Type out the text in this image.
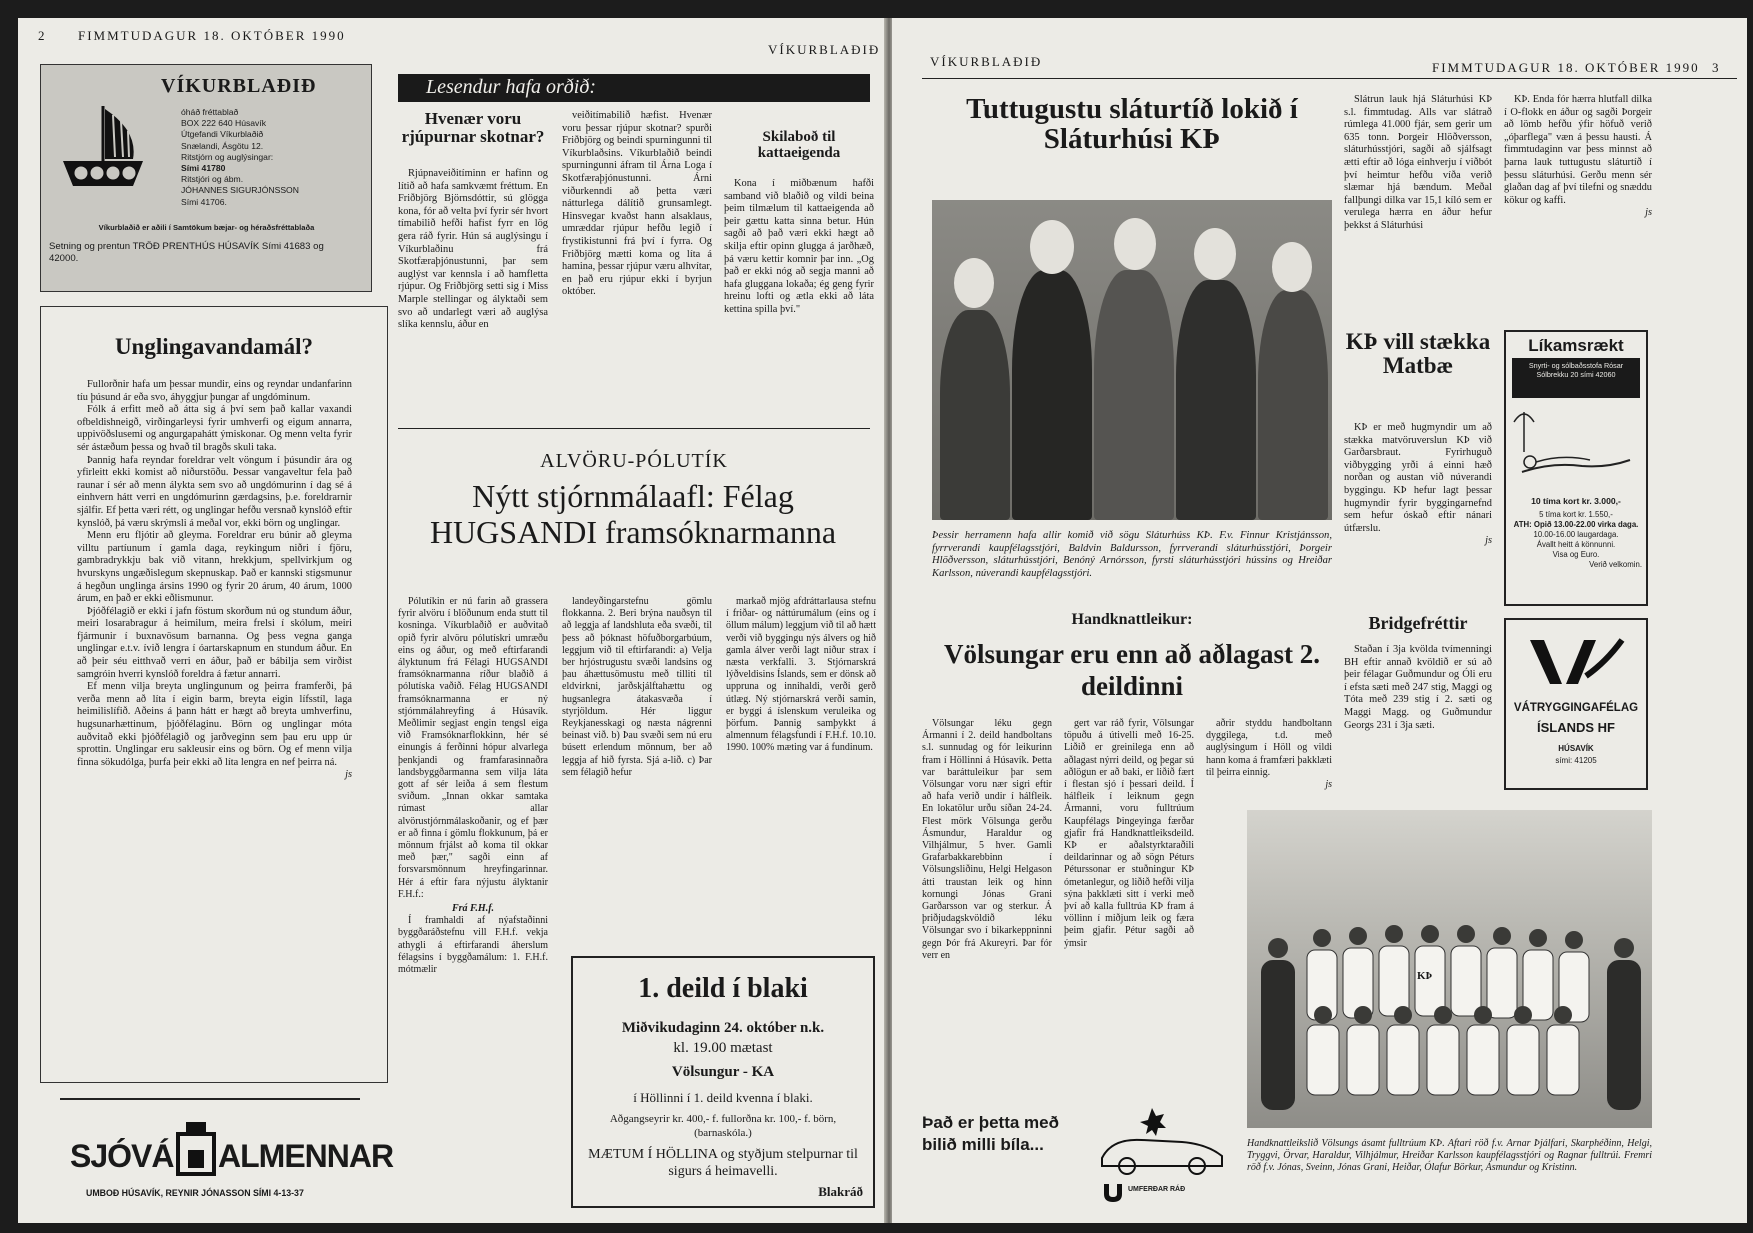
2 FIMMTUDAGUR 18. OKTÓBER 1990
VÍKURBLAÐIÐ
VÍKURBLAÐIÐ
óháð fréttablað
BOX 222 640 Húsavík
Útgefandi Víkurblaðið
Snælandi, Ásgötu 12.
Ritstjórn og auglýsingar:
Sími 41780
Ritstjóri og ábm.
JÓHANNES SIGURJÓNSSON
Sími 41706.
Víkurblaðið er aðili í Samtökum bæjar- og héraðsfréttablaða
Setning og prentun TRÖÐ PRENTHÚS HÚSAVÍK Sími 41683 og 42000.
Unglingavandamál?

Fullorðnir hafa um þessar mundir, eins og reyndar undanfarinn tíu þúsund ár eða svo, áhyggjur þungar af ungdóminum.

Fólk á erfitt með að átta sig á því sem það kallar vaxandi ofbeldishneigð, virðingarleysi fyrir umhverfi og eigum annarra, uppivöðslusemi og angurgapahátt ýmiskonar. Og menn velta fyrir sér ástæðum þessa og hvað til bragðs skuli taka.

Þannig hafa reyndar foreldrar velt vöngum í þúsundir ára og yfirleitt ekki komist að niðurstöðu. Þessar vangaveltur fela það raunar í sér að menn álykta sem svo að ungdómurinn í dag sé á einhvern hátt verri en ungdómurinn gærdagsins, þ.e. foreldrarnir sjálfir. Ef þetta væri rétt, og unglingar hefðu versnað kynslóð eftir kynslóð, þá væru skrýmsli á meðal vor, ekki börn og unglingar.

Menn eru fljótir að gleyma. Foreldrar eru búnir að gleyma villtu partíunum í gamla daga, reykingum niðri í fjöru, gambradrykkju bak við vitann, hrekkjum, spellvirkjum og hvurskyns ungæðislegum skepnuskap. Það er kannski stigsmunur á hegðun unglinga ársins 1990 og fyrir 20 árum, 40 árum, 1000 árum, en það er ekki eðlismunur.

Þjóðfélagið er ekki í jafn föstum skorðum nú og stundum áður, meiri losarabragur á heimilum, meira frelsi í skólum, meiri fjármunir í buxnavösum barnanna. Og þess vegna ganga unglingar e.t.v. ívið lengra í óartarskapnum en stundum áður. En að þeir séu eitthvað verri en áður, það er bábilja sem virðist samgróin hverri kynslóð foreldra á fætur annarri.

Ef menn vilja breyta unglingunum og þeirra framferði, þá verða menn að líta í eigin barm, breyta eigin lífsstíl, laga heimilislífið. Aðeins á þann hátt er hægt að breyta umhverfinu, hugsunarhættinum, þjóðfélaginu. Börn og unglingar móta auðvitað ekki þjóðfélagið og jarðveginn sem þau eru upp úr sprottin. Unglingar eru sakleusir eins og börn. Og ef menn vilja finna sökudólga, þurfa þeir ekki að líta lengra en nef þeirra ná.

js
SJÓVÁ ALMENNAR
UMBOÐ HÚSAVÍK, REYNIR JÓNASSON SÍMI 4-13-37
Lesendur hafa orðið:
Hvenær voru rjúpurnar skotnar?

Rjúpnaveiðitíminn er hafinn og lítið að hafa samkvæmt fréttum. En Friðbjörg Björnsdóttir, sú glögga kona, fór að velta því fyrir sér hvort tímabilið hefði hafist fyrr en lög gera ráð fyrir. Hún sá auglýsingu í Víkurblaðinu frá Skotfæraþjónustunni, þar sem auglýst var kennsla í að hamfletta rjúpur. Og Friðbjörg setti sig í Miss Marple stellingar og ályktaði sem svo að undarlegt væri að auglýsa slíka kennslu, áður en

veiðitímabilið hæfist. Hvenær voru þessar rjúpur skotnar? spurði Friðbjörg og beindi spurningunni til Víkurblaðsins. Víkurblaðið beindi spurningunni áfram til Árna Loga í Skotfæraþjónustunni. Árni viðurkenndi að þetta væri nátturlega dálítið grunsamlegt. Hinsvegar kvaðst hann alsaklaus, umræddar rjúpur hefðu legið í frystikistunni frá því í fyrra. Og Friðbjörg mætti koma og líta á hamina, þessar rjúpur væru alhvítar, en það eru rjúpur ekki í byrjun október.

Skilaboð til kattaeigenda

Kona í miðbænum hafði samband við blaðið og vildi beina þeim tilmælum til kattaeigenda að þeir gættu katta sinna betur. Hún sagði að það væri ekki hægt að skilja eftir opinn glugga á jarðhæð, þá væru kettir komnir þar inn. „Og það er ekki nóg að segja manni að hafa gluggana lokaða; ég geng fyrir hreinu lofti og ætla ekki að láta kettina spilla því."

ALVÖRU-PÓLUTÍK
Nýtt stjórnmálaafl: Félag HUGSANDI framsóknarmanna

Pólutíkin er nú farin að grassera fyrir alvöru í blöðunum enda stutt til kosninga. Víkurblaðið er auðvitað opið fyrir alvöru pólutískri umræðu eins og áður, og með eftirfarandi ályktunum frá Félagi HUGSANDI framsóknarmanna ríður blaðið á pólutíska vaðið. Félag HUGSANDI framsóknarmanna er ný stjórnmálahreyfing á Húsavík. Meðlimir segjast engin tengsl eiga við Framsóknarflokkinn, hér sé einungis á ferðinni hópur alvarlega þenkjandi og framfarasinnaðra landsbyggðarmanna sem vilja láta gott af sér leiða á sem flestum sviðum. „Innan okkar samtaka rúmast allar alvörustjórnmálaskoðanir, og ef þær er að finna í gömlu flokkunum, þá er mönnum frjálst að koma til okkar með þær," sagði einn af forsvarsmönnum hreyfingarinnar. Hér á eftir fara nýjustu ályktanir F.H.f.:

Frá F.H.f.

Í framhaldi af nýafstaðinni byggðaráðstefnu vill F.H.f. vekja athygli á eftirfarandi áherslum félagsins í byggðamálum: 1. F.H.f. mótmælir

landeyðingarstefnu gömlu flokkanna. 2. Beri brýna nauðsyn til að leggja af landshluta eða svæði, til þess að þóknast höfuðborgarbúum, leggjum við til eftirfarandi: a) Velja ber hrjóstrugustu svæði landsins og þau áhættusömustu með tilliti til eldvirkni, jarðskjálftahættu og hugsanlegra átakasvæða í styrjöldum. Hér liggur Reykjanesskagi og næsta nágrenni beinast við. b) Þau svæði sem nú eru búsett erlendum mönnum, ber að leggja af hið fyrsta. Sjá a-lið. c) Þar sem félagið hefur

markað mjög afdráttarlausa stefnu í friðar- og náttúrumálum (eins og í öllum málum) leggjum við til að hætt verði við byggingu nýs álvers og hið gamla álver verði lagt niður strax í næsta verkfalli. 3. Stjórnarskrá lýðveldisins Íslands, sem er dönsk að uppruna og innihaldi, verði gerð útlæg. Ný stjórnarskrá verði samin, er byggi á íslenskum veruleika og þörfum. Þannig samþykkt á almennum félagsfundi í F.H.f. 10.10. 1990. 100% mæting var á fundinum.

1. deild í blaki
Miðvikudaginn 24. október n.k.
kl. 19.00 mætast
Völsungur - KA
í Höllinni í 1. deild kvenna í blaki.
Aðgangseyrir kr. 400,- f. fullorðna kr. 100,- f. börn, (barnaskóla.)
MÆTUM Í HÖLLINA og styðjum stelpurnar til sigurs á heimavelli.
Blakráð
VÍKURBLAÐIÐ	FIMMTUDAGUR 18. OKTÓBER 1990 3
Tuttugustu sláturtíð lokið í Sláturhúsi KÞ
Þessir herramenn hafa allir komið við sögu Sláturhúss KÞ. F.v. Finnur Kristjánsson, fyrrverandi kaupfélagsstjóri, Baldvin Baldursson, fyrrverandi sláturhússtjóri, Þorgeir Hlöðversson, sláturhússtjóri, Benóný Arnórsson, fyrsti sláturhússtjóri hússins og Hreiðar Karlsson, núverandi kaupfélagsstjóri.

Slátrun lauk hjá Sláturhúsi KÞ s.l. fimmtudag. Alls var slátrað rúmlega 41.000 fjár, sem gerir um 635 tonn. Þorgeir Hlöðversson, sláturhússtjóri, sagði að sjálfsagt ætti eftir að lóga einhverju í viðbót því heimtur hefðu víða verið slæmar hjá bændum. Meðal fallþungi dilka var 15,1 kíló sem er verulega hærra en áður hefur þekkst á Sláturhúsi

KÞ. Enda fór hærra hlutfall dilka í O-flokk en áður og sagði Þorgeir að lömb hefðu ýfir höfuð verið „óþarflega" væn á þessu hausti. Á fimmtudaginn var þess minnst að þarna lauk tuttugustu sláturtíð í þessu sláturhúsi. Gerðu menn sér glaðan dag af því tilefni og snæddu kökur og kaffi.

js
KÞ vill stækka Matbæ

KÞ er með hugmyndir um að stækka matvöruverslun KÞ við Garðarsbraut. Fyrirhuguð viðbygging yrði á einni hæð norðan og austan við núverandi byggingu. KÞ hefur lagt þessar hugmyndir fyrir byggingarnefnd sem hefur óskað eftir nánari útfærslu.

js
Líkamsrækt
Snyrti- og sólbaðsstofa Rósar
Sólbrekku 20 sími 42060
10 tíma kort kr. 3.000,-
5 tíma kort kr. 1.550,-
ATH: Opið 13.00-22.00 virka daga.
10.00-16.00 laugardaga.
Ávallt heitt á könnunni.
Visa og Euro.
Verið velkomin.
Bridgefréttir

Staðan í 3ja kvölda tvímenningi BH eftir annað kvöldið er sú að þeir félagar Guðmundur og Óli eru í efsta sæti með 247 stig, Maggi og Tóta með 239 stig í 2. sæti og Maggi Magg. og Guðmundur Georgs 231 í 3ja sæti.

VÁTRYGGINGAFÉLAG
ÍSLANDS HF
HÚSAVÍK
sími: 41205
Handknattleikur:
Völsungar eru enn að aðlagast 2. deildinni

Völsungar léku gegn Ármanni í 2. deild handboltans s.l. sunnudag og fór leikurinn fram í Höllinni á Húsavík. Þetta var baráttuleikur þar sem Völsungar voru nær sigri eftir að hafa verið undir í hálfleik. En lokatölur urðu síðan 24-24. Flest mörk Völsunga gerðu Ásmundur, Haraldur og Vilhjálmur, 5 hver. Gamli Grafarbakkarebbinn í Völsungsliðinu, Helgi Helgason átti traustan leik og hinn kornungi Jónas Grani Garðarsson var og sterkur. Á þriðjudagskvöldið léku Völsungar svo í bikarkeppninni gegn Þór frá Akureyri. Þar fór verr en

gert var ráð fyrir, Völsungar töpuðu á útivelli með 16-25. Liðið er greinilega enn að aðlagast nýrri deild, og þegar sú aðlögun er að baki, er liðið fært í flestan sjó í þessari deild. Í hálfleik í leiknum gegn Ármanni, voru fulltrúum Kaupfélags Þingeyinga færðar gjafir frá Handknattleiksdeild. KÞ er aðalstyrktaraðili deildarinnar og að sögn Péturs Péturssonar er stuðningur KÞ ómetanlegur, og liðið hefði vilja sýna þakklæti sitt í verki með því að kalla fulltrúa KÞ fram á völlinn í miðjum leik og færa þeim gjafir. Pétur sagði að ýmsir

aðrir styddu handboltann dyggilega, t.d. með auglýsingum í Höll og vildi hann koma á framfæri þakklæti til þeirra einnig.

js
KÞ
Handknattleikslið Völsungs ásamt fulltrúum KÞ. Aftari röð f.v. Arnar Þjálfari, Skarphéðinn, Helgi, Tryggvi, Örvar, Haraldur, Vilhjálmur, Hreiðar Karlsson kaupfélagsstjóri og Ragnar fulltrúi. Fremri röð f.v. Jónas, Sveinn, Jónas Grani, Heiðar, Ólafur Börkur, Ásmundur og Kristinn.
Það er þetta með
bilið milli bíla...
UMFERÐAR RÁÐ
